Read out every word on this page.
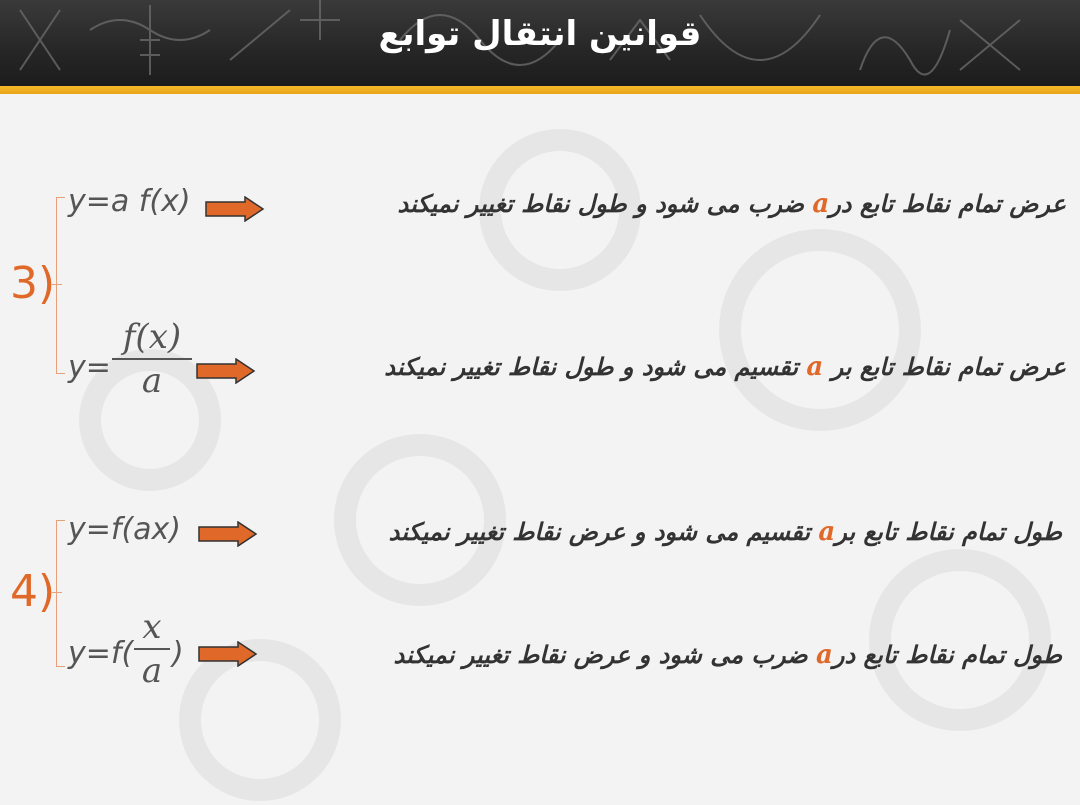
قوانین انتقال توابع
3)
y=a f(x)	عرض تمام نقاط تابع درa ضرب می شود و طول نقاط تغییر نمیکند
y=
f(x)
a	عرض تمام نقاط تابع بر a تقسیم می شود و طول نقاط تغییر نمیکند
4)
y=f(ax)	طول تمام نقاط تابع برa تقسیم می شود و عرض نقاط تغییر نمیکند
y=f(
x
a )	طول تمام نقاط تابع درa ضرب می شود و عرض نقاط تغییر نمیکند
